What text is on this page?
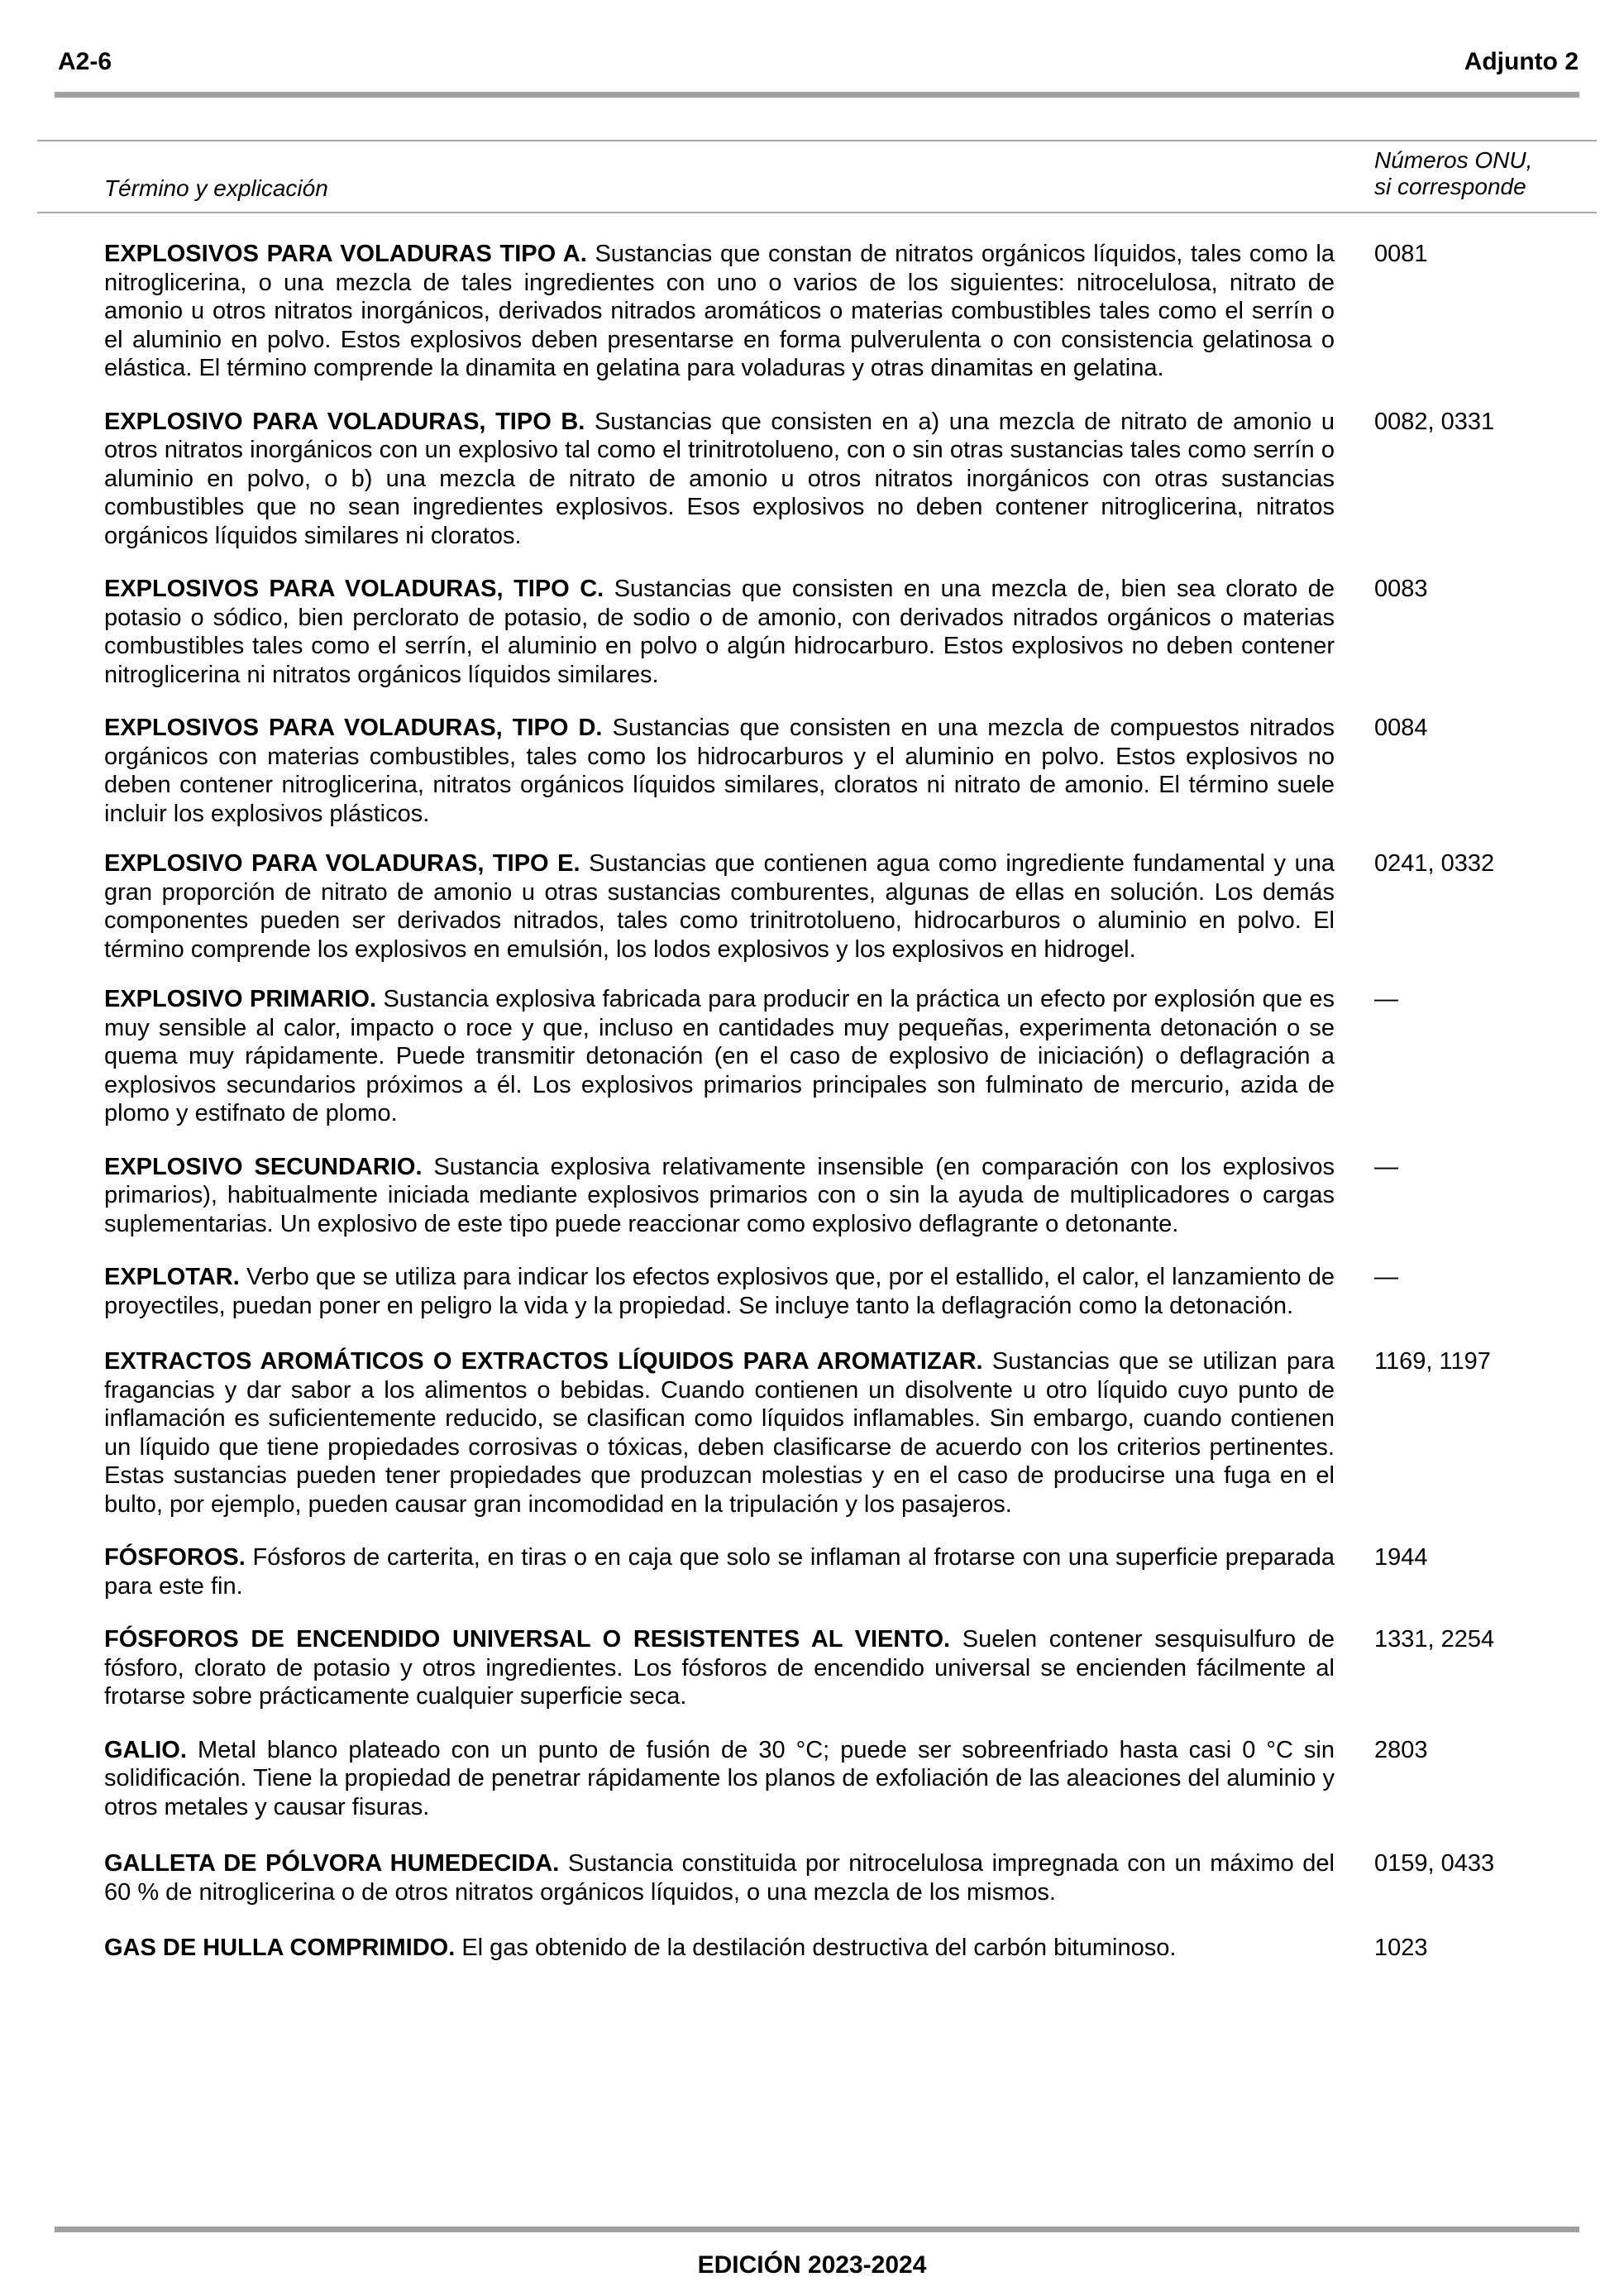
A2-6	Adjunto 2
Término y explicación
Números ONU,
si corresponde
EXPLOSIVOS PARA VOLADURAS TIPO A. Sustancias que constan de nitratos orgánicos líquidos, tales como la nitroglicerina, o una mezcla de tales ingredientes con uno o varios de los siguientes: nitrocelulosa, nitrato de amonio u otros nitratos inorgánicos, derivados nitrados aromáticos o materias combustibles tales como el serrín o el aluminio en polvo. Estos explosivos deben presentarse en forma pulverulenta o con consistencia gelatinosa o elástica. El término comprende la dinamita en gelatina para voladuras y otras dinamitas en gelatina.
0081
EXPLOSIVO PARA VOLADURAS, TIPO B. Sustancias que consisten en a) una mezcla de nitrato de amonio u otros nitratos inorgánicos con un explosivo tal como el trinitrotolueno, con o sin otras sustancias tales como serrín o aluminio en polvo, o b) una mezcla de nitrato de amonio u otros nitratos inorgánicos con otras sustancias combustibles que no sean ingredientes explosivos. Esos explosivos no deben contener nitroglicerina, nitratos orgánicos líquidos similares ni cloratos.
0082, 0331
EXPLOSIVOS PARA VOLADURAS, TIPO C. Sustancias que consisten en una mezcla de, bien sea clorato de potasio o sódico, bien perclorato de potasio, de sodio o de amonio, con derivados nitrados orgánicos o materias combustibles tales como el serrín, el aluminio en polvo o algún hidrocarburo. Estos explosivos no deben contener nitroglicerina ni nitratos orgánicos líquidos similares.
0083
EXPLOSIVOS PARA VOLADURAS, TIPO D. Sustancias que consisten en una mezcla de compuestos nitrados orgánicos con materias combustibles, tales como los hidrocarburos y el aluminio en polvo. Estos explosivos no deben contener nitroglicerina, nitratos orgánicos líquidos similares, cloratos ni nitrato de amonio. El término suele incluir los explosivos plásticos.
0084
EXPLOSIVO PARA VOLADURAS, TIPO E. Sustancias que contienen agua como ingrediente fundamental y una gran proporción de nitrato de amonio u otras sustancias comburentes, algunas de ellas en solución. Los demás componentes pueden ser derivados nitrados, tales como trinitrotolueno, hidrocarburos o aluminio en polvo. El término comprende los explosivos en emulsión, los lodos explosivos y los explosivos en hidrogel.
0241, 0332
EXPLOSIVO PRIMARIO. Sustancia explosiva fabricada para producir en la práctica un efecto por explosión que es muy sensible al calor, impacto o roce y que, incluso en cantidades muy pequeñas, experimenta detonación o se quema muy rápidamente. Puede transmitir detonación (en el caso de explosivo de iniciación) o deflagración a explosivos secundarios próximos a él. Los explosivos primarios principales son fulminato de mercurio, azida de plomo y estifnato de plomo.
—
EXPLOSIVO SECUNDARIO. Sustancia explosiva relativamente insensible (en comparación con los explosivos primarios), habitualmente iniciada mediante explosivos primarios con o sin la ayuda de multiplicadores o cargas suplementarias. Un explosivo de este tipo puede reaccionar como explosivo deflagrante o detonante.
—
EXPLOTAR. Verbo que se utiliza para indicar los efectos explosivos que, por el estallido, el calor, el lanzamiento de proyectiles, puedan poner en peligro la vida y la propiedad. Se incluye tanto la deflagración como la detonación.
—
EXTRACTOS AROMÁTICOS O EXTRACTOS LÍQUIDOS PARA AROMATIZAR. Sustancias que se utilizan para fragancias y dar sabor a los alimentos o bebidas. Cuando contienen un disolvente u otro líquido cuyo punto de inflamación es suficientemente reducido, se clasifican como líquidos inflamables. Sin embargo, cuando contienen un líquido que tiene propiedades corrosivas o tóxicas, deben clasificarse de acuerdo con los criterios pertinentes. Estas sustancias pueden tener propiedades que produzcan molestias y en el caso de producirse una fuga en el bulto, por ejemplo, pueden causar gran incomodidad en la tripulación y los pasajeros.
1169, 1197
FÓSFOROS. Fósforos de carterita, en tiras o en caja que solo se inflaman al frotarse con una superficie preparada para este fin.
1944
FÓSFOROS DE ENCENDIDO UNIVERSAL O RESISTENTES AL VIENTO. Suelen contener sesquisulfuro de fósforo, clorato de potasio y otros ingredientes. Los fósforos de encendido universal se encienden fácilmente al frotarse sobre prácticamente cualquier superficie seca.
1331, 2254
GALIO. Metal blanco plateado con un punto de fusión de 30 °C; puede ser sobreenfriado hasta casi 0 °C sin solidificación. Tiene la propiedad de penetrar rápidamente los planos de exfoliación de las aleaciones del aluminio y otros metales y causar fisuras.
2803
GALLETA DE PÓLVORA HUMEDECIDA. Sustancia constituida por nitrocelulosa impregnada con un máximo del 60 % de nitroglicerina o de otros nitratos orgánicos líquidos, o una mezcla de los mismos.
0159, 0433
GAS DE HULLA COMPRIMIDO. El gas obtenido de la destilación destructiva del carbón bituminoso.	1023
EDICIÓN 2023-2024
